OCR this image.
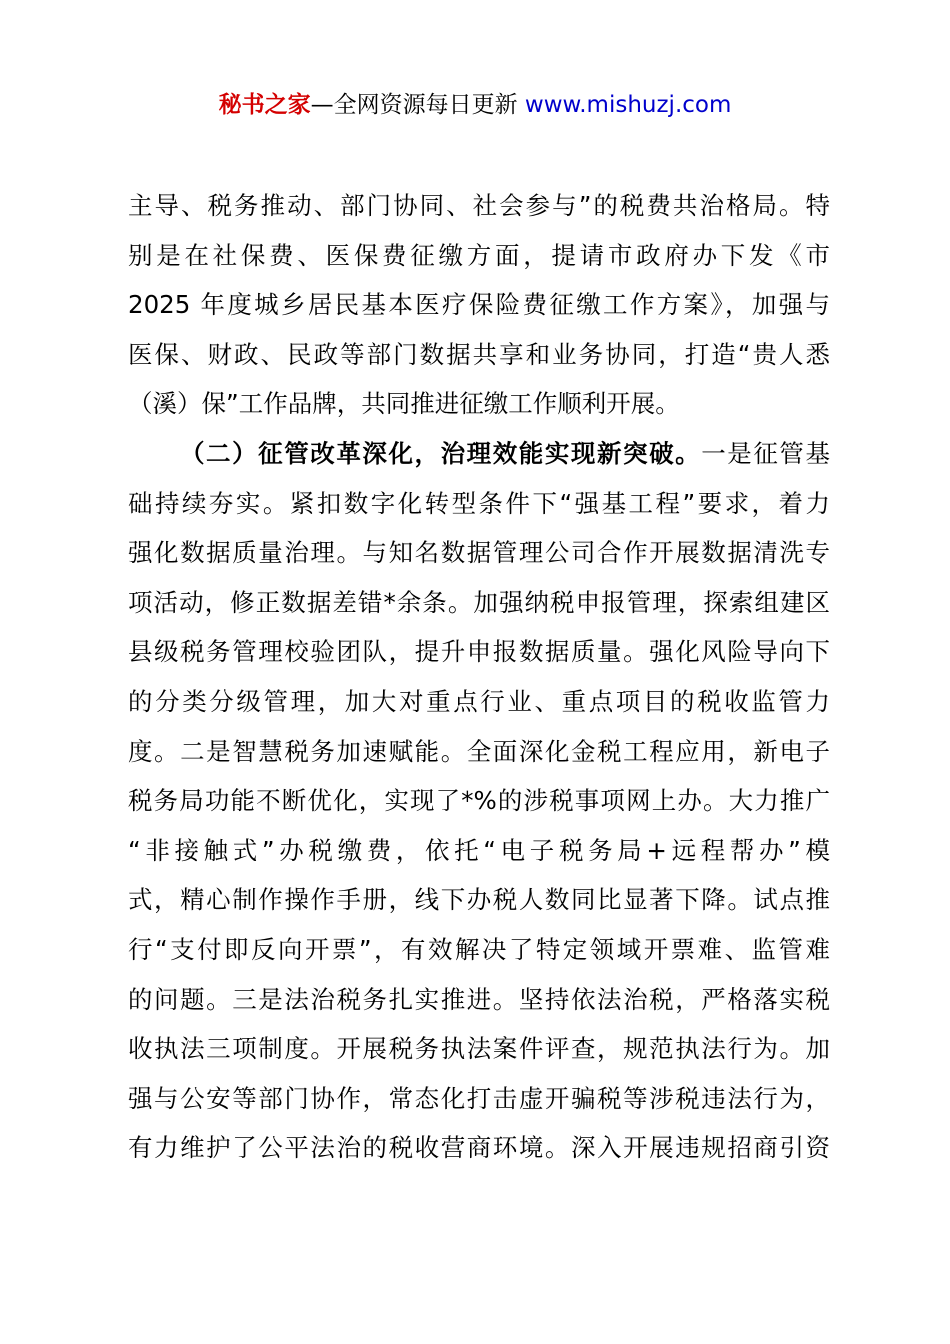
秘书之家—全网资源每日更新 www.mishuzj.com
主导、税务推动、部门协同、社会参与”的税费共治格局。特
别是在社保费、医保费征缴方面，提请市政府办下发《市
2025 年度城乡居民基本医疗保险费征缴工作方案》，加强与
医保、财政、民政等部门数据共享和业务协同，打造“贵人悉
（溪）保”工作品牌，共同推进征缴工作顺利开展。
（二）征管改革深化，治理效能实现新突破。一是征管基
础持续夯实。紧扣数字化转型条件下“强基工程”要求，着力
强化数据质量治理。与知名数据管理公司合作开展数据清洗专
项活动，修正数据差错*余条。加强纳税申报管理，探索组建区
县级税务管理校验团队，提升申报数据质量。强化风险导向下
的分类分级管理，加大对重点行业、重点项目的税收监管力
度。二是智慧税务加速赋能。全面深化金税工程应用，新电子
税务局功能不断优化，实现了*%的涉税事项网上办。大力推广
“非接触式”办税缴费，依托“电子税务局+远程帮办”模
式，精心制作操作手册，线下办税人数同比显著下降。试点推
行“支付即反向开票”，有效解决了特定领域开票难、监管难
的问题。三是法治税务扎实推进。坚持依法治税，严格落实税
收执法三项制度。开展税务执法案件评查，规范执法行为。加
强与公安等部门协作，常态化打击虚开骗税等涉税违法行为，
有力维护了公平法治的税收营商环境。深入开展违规招商引资
